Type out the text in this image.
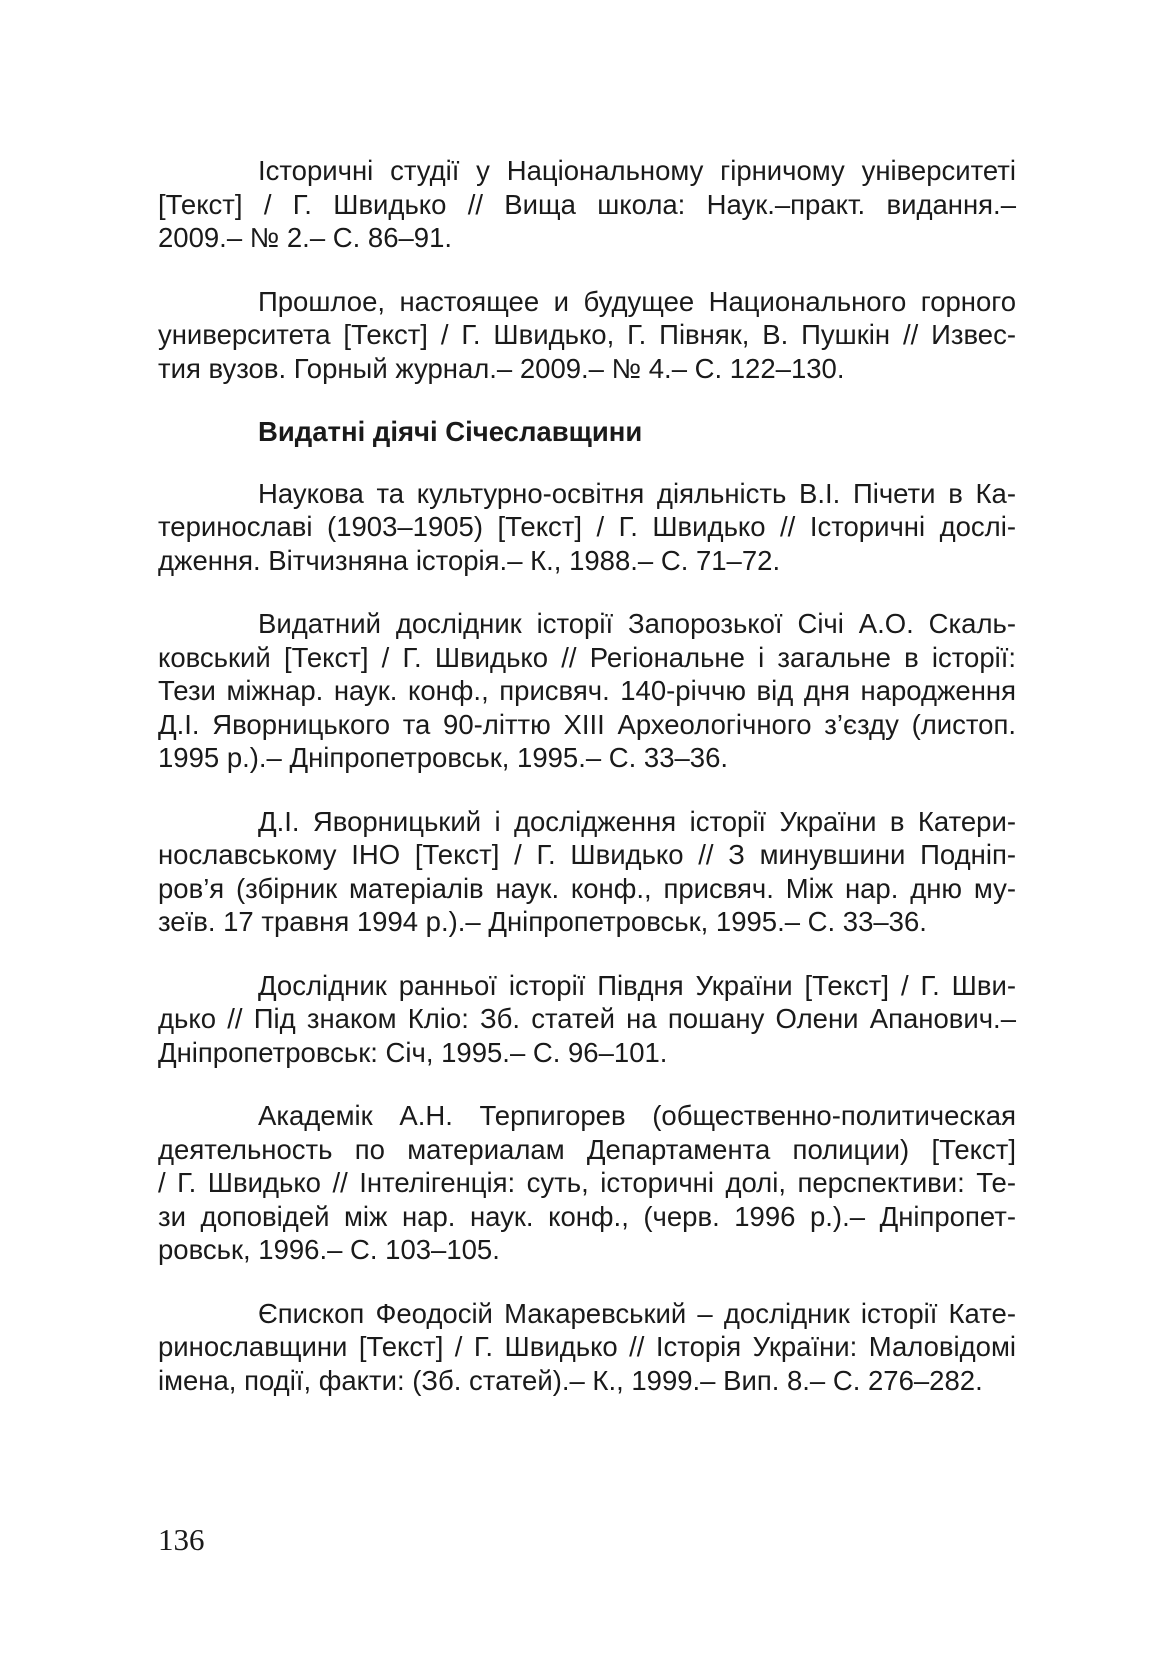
Історичні студії у Національному гірничому університеті
[Текст] / Г. Швидько // Вища школа: Наук.–практ. видання.–
2009.– № 2.– С. 86–91.
Прошлое, настоящее и будущее Национального горного
университета [Текст] / Г. Швидько, Г. Півняк, В. Пушкін // Извес-
тия вузов. Горный журнал.– 2009.– № 4.– С. 122–130.
Видатні діячі Січеславщини
Наукова та культурно-освітня діяльність В.І. Пічети в Ка-
теринославі (1903–1905) [Текст] / Г. Швидько // Історичні дослі-
дження. Вітчизняна історія.– К., 1988.– С. 71–72.
Видатний дослідник історії Запорозької Січі А.О. Скаль-
ковський [Текст] / Г. Швидько // Регіональне і загальне в історії:
Тези міжнар. наук. конф., присвяч. 140-річчю від дня народження
Д.І. Яворницького та 90-літтю XIII Археологічного з’єзду (листоп.
1995 р.).– Дніпропетровськ, 1995.– С. 33–36.
Д.І. Яворницький і дослідження історії України в Катери-
нославському ІНО [Текст] / Г. Швидько // З минувшини Подніп-
ров’я (збірник матеріалів наук. конф., присвяч. Між нар. дню му-
зеїв. 17 травня 1994 р.).– Дніпропетровськ, 1995.– С. 33–36.
Дослідник ранньої історії Півдня України [Текст] / Г. Шви-
дько // Під знаком Кліо: Зб. статей на пошану Олени Апанович.–
Дніпропетровськ: Січ, 1995.– С. 96–101.
Академік А.Н. Терпигорев (общественно-политическая
деятельность по материалам Департамента полиции) [Текст]
/ Г. Швидько // Інтелігенція: суть, історичні долі, перспективи: Те-
зи доповідей між нар. наук. конф., (черв. 1996 р.).– Дніпропет-
ровськ, 1996.– С. 103–105.
Єпископ Феодосій Макаревський – дослідник історії Кате-
ринославщини [Текст] / Г. Швидько // Історія України: Маловідомі
імена, події, факти: (Зб. статей).– К., 1999.– Вип. 8.– С. 276–282.
136
